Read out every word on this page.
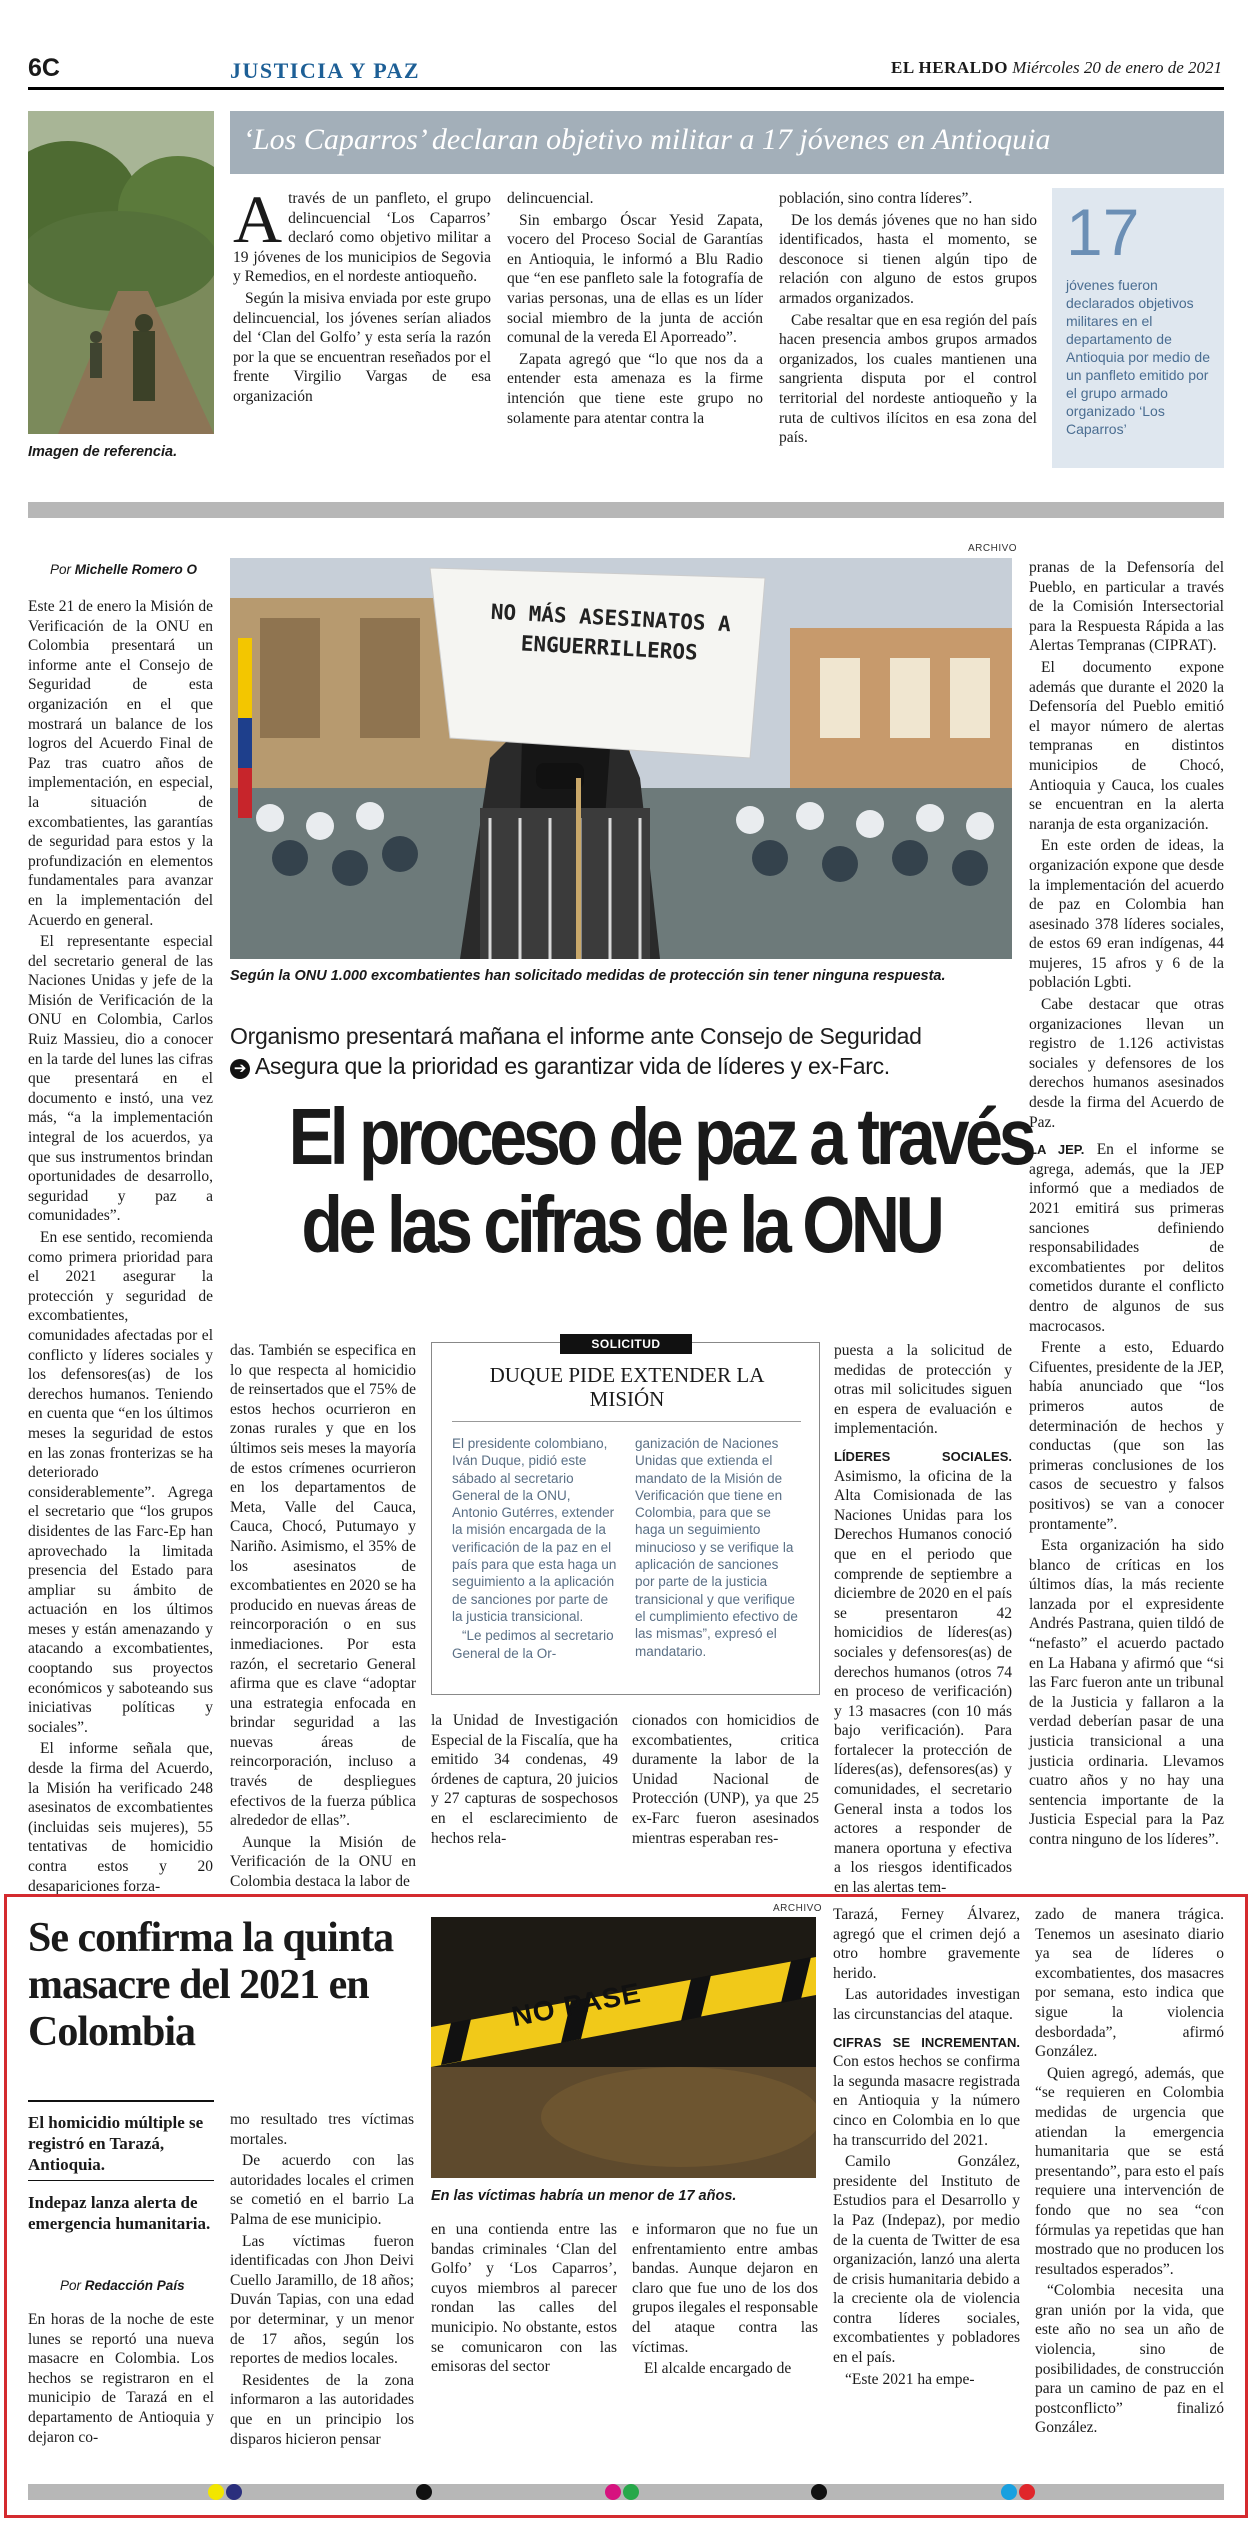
6C	JUSTICIA Y PAZ	EL HERALDO Miércoles 20 de enero de 2021
Imagen de referencia.
‘Los Caparros’ declaran objetivo militar a 17 jóvenes en Antioquia

Através de un panfleto, el grupo delincuencial ‘Los Caparros’ declaró como objetivo militar a 19 jóvenes de los municipios de Segovia y Remedios, en el nordeste antioqueño.

Según la misiva enviada por este grupo delincuencial, los jóvenes serían aliados del ‘Clan del Golfo’ y esta sería la razón por la que se encuentran reseñados por el frente Virgilio Vargas de esa organización

delincuencial.

Sin embargo Óscar Yesid Zapata, vocero del Proceso Social de Garantías en Antioquia, le informó a Blu Radio que “en ese panfleto sale la fotografía de varias personas, una de ellas es un líder social miembro de la junta de acción comunal de la vereda El Aporreado”.

Zapata agregó que “lo que nos da a entender esta amenaza es la firme intención que tiene este grupo no solamente para atentar contra la

población, sino contra líderes”.

De los demás jóvenes que no han sido identificados, hasta el momento, se desconoce si tienen algún tipo de relación con alguno de estos grupos armados organizados.

Cabe resaltar que en esa región del país hacen presencia ambos grupos armados organizados, los cuales mantienen una sangrienta disputa por el control territorial del nordeste antioqueño y la ruta de cultivos ilícitos en esa zona del país.

17
jóvenes fueron declarados objetivos militares en el departamento de Antioquia por medio de un panfleto emitido por el grupo armado organizado ‘Los Caparros’
Por Michelle Romero O

Este 21 de enero la Misión de Verificación de la ONU en Colombia presentará un informe ante el Consejo de Seguridad de esta organización en el que mostrará un balance de los logros del Acuerdo Final de Paz tras cuatro años de implementación, en especial, la situación de excombatientes, las garantías de seguridad para estos y la profundización en elementos fundamentales para avanzar en la implementación del Acuerdo en general.

El representante especial del secretario general de las Naciones Unidas y jefe de la Misión de Verificación de la ONU en Colombia, Carlos Ruiz Massieu, dio a conocer en la tarde del lunes las cifras que presentará en el documento e instó, una vez más, “a la implementación integral de los acuerdos, ya que sus instrumentos brindan oportunidades de desarrollo, seguridad y paz a comunidades”.

En ese sentido, recomienda como primera prioridad para el 2021 asegurar la protección y seguridad de excombatientes, comunidades afectadas por el conflicto y líderes sociales y los defensores(as) de los derechos humanos. Teniendo en cuenta que “en los últimos meses la seguridad de estos en las zonas fronterizas se ha deteriorado considerablemente”. Agrega el secretario que “los grupos disidentes de las Farc-Ep han aprovechado la limitada presencia del Estado para ampliar su ámbito de actuación en los últimos meses y están amenazando y atacando a excombatientes, cooptando sus proyectos económicos y saboteando sus iniciativas políticas y sociales”.

El informe señala que, desde la firma del Acuerdo, la Misión ha verificado 248 asesinatos de excombatientes (incluidas seis mujeres), 55 tentativas de homicidio contra estos y 20 desapariciones forza-

ARCHIVO
NO MÁS ASESINATOS A ENGUERRILLEROS
Según la ONU 1.000 excombatientes han solicitado medidas de protección sin tener ninguna respuesta.
Organismo presentará mañana el informe ante Consejo de Seguridad
➔ Asegura que la prioridad es garantizar vida de líderes y ex-Farc.
El proceso de paz a través
de las cifras de la ONU

das. También se especifica en lo que respecta al homicidio de reinsertados que el 75% de estos hechos ocurrieron en zonas rurales y que en los últimos seis meses la mayoría de estos crímenes ocurrieron en los departamentos de Meta, Valle del Cauca, Cauca, Chocó, Putumayo y Nariño. Asimismo, el 35% de los asesinatos de excombatientes en 2020 se ha producido en nuevas áreas de reincorporación o en sus inmediaciones. Por esta razón, el secretario General afirma que es clave “adoptar una estrategia enfocada en brindar seguridad a las nuevas áreas de reincorporación, incluso a través de despliegues efectivos de la fuerza pública alrededor de ellas”.

Aunque la Misión de Verificación de la ONU en Colombia destaca la labor de

SOLICITUD
DUQUE PIDE EXTENDER LA MISIÓN
El presidente colombiano, Iván Duque, pidió este sábado al secretario General de la ONU, Antonio Gutérres, extender la misión encargada de la verificación de la paz en el país para que esta haga un seguimiento a la aplicación de sanciones por parte de la justicia transicional.
“Le pedimos al secretario General de la Or-
ganización de Naciones Unidas que extienda el mandato de la Misión de Verificación que tiene en Colombia, para que se haga un seguimiento minucioso y se verifique la aplicación de sanciones por parte de la justicia transicional y que verifique el cumplimiento efectivo de las mismas”, expresó el mandatario.

la Unidad de Investigación Especial de la Fiscalía, que ha emitido 34 condenas, 49 órdenes de captura, 20 juicios y 27 capturas de sospechosos en el esclarecimiento de hechos rela-

cionados con homicidios de excombatientes, critica duramente la labor de la Unidad Nacional de Protección (UNP), ya que 25 ex-Farc fueron asesinados mientras esperaban res-

puesta a la solicitud de medidas de protección y otras mil solicitudes siguen en espera de evaluación e implementación.

LÍDERES SOCIALES. Asimismo, la oficina de la Alta Comisionada de las Naciones Unidas para los Derechos Humanos conoció que en el periodo que comprende de septiembre a diciembre de 2020 en el país se presentaron 42 homicidios de líderes(as) sociales y defensores(as) de derechos humanos (otros 74 en proceso de verificación) y 13 masacres (con 10 más bajo verificación). Para fortalecer la protección de líderes(as), defensores(as) y comunidades, el secretario General insta a todos los actores a responder de manera oportuna y efectiva a los riesgos identificados en las alertas tem-

pranas de la Defensoría del Pueblo, en particular a través de la Comisión Intersectorial para la Respuesta Rápida a las Alertas Tempranas (CIPRAT).

El documento expone además que durante el 2020 la Defensoría del Pueblo emitió el mayor número de alertas tempranas en distintos municipios de Chocó, Antioquia y Cauca, los cuales se encuentran en la alerta naranja de esta organización.

En este orden de ideas, la organización expone que desde la implementación del acuerdo de paz en Colombia han asesinado 378 líderes sociales, de estos 69 eran indígenas, 44 mujeres, 15 afros y 6 de la población Lgbti.

Cabe destacar que otras organizaciones llevan un registro de 1.126 activistas sociales y defensores de los derechos humanos asesinados desde la firma del Acuerdo de Paz.

LA JEP. En el informe se agrega, además, que la JEP informó que a mediados de 2021 emitirá sus primeras sanciones definiendo responsabilidades de excombatientes por delitos cometidos durante el conflicto dentro de algunos de sus macrocasos.

Frente a esto, Eduardo Cifuentes, presidente de la JEP, había anunciado que “los primeros autos de determinación de hechos y conductas (que son las primeras conclusiones de los casos de secuestro y falsos positivos) se van a conocer prontamente”.

Esta organización ha sido blanco de críticas en los últimos días, la más reciente lanzada por el expresidente Andrés Pastrana, quien tildó de “nefasto” el acuerdo pactado en La Habana y afirmó que “si las Farc fueron ante un tribunal de la Justicia y fallaron a la verdad deberían pasar de una justicia transicional a una justicia ordinaria. Llevamos cuatro años y no hay una sentencia importante de la Justicia Especial para la Paz contra ninguno de los líderes”.

Se confirma la quinta masacre del 2021 en Colombia
El homicidio múltiple se registró en Tarazá, Antioquia.
Indepaz lanza alerta de emergencia humanitaria.
Por Redacción País

En horas de la noche de este lunes se reportó una nueva masacre en Colombia. Los hechos se registraron en el municipio de Tarazá en el departamento de Antioquia y dejaron co-

mo resultado tres víctimas mortales.

De acuerdo con las autoridades locales el crimen se cometió en el barrio La Palma de ese municipio.

Las víctimas fueron identificadas con Jhon Deivi Cuello Jaramillo, de 18 años; Duván Tapias, con una edad por determinar, y un menor de 17 años, según los reportes de medios locales.

Residentes de la zona informaron a las autoridades que en un principio los disparos hicieron pensar

ARCHIVO
NO PASE
En las víctimas habría un menor de 17 años.

en una contienda entre las bandas criminales ‘Clan del Golfo’ y ‘Los Caparros’, cuyos miembros al parecer rondan las calles del municipio. No obstante, estos se comunicaron con las emisoras del sector

e informaron que no fue un enfrentamiento entre ambas bandas. Aunque dejaron en claro que fue uno de los dos grupos ilegales el responsable del ataque contra las víctimas.

El alcalde encargado de

Tarazá, Ferney Álvarez, agregó que el crimen dejó a otro hombre gravemente herido.

Las autoridades investigan las circunstancias del ataque.

CIFRAS SE INCREMENTAN. Con estos hechos se confirma la segunda masacre registrada en Antioquia y la número cinco en Colombia en lo que ha transcurrido del 2021.

Camilo González, presidente del Instituto de Estudios para el Desarrollo y la Paz (Indepaz), por medio de la cuenta de Twitter de esa organización, lanzó una alerta de crisis humanitaria debido a la creciente ola de violencia contra líderes sociales, excombatientes y pobladores en el país.

“Este 2021 ha empe-

zado de manera trágica. Tenemos un asesinato diario ya sea de líderes o excombatientes, dos masacres por semana, esto indica que sigue la violencia desbordada”, afirmó González.

Quien agregó, además, que “se requieren en Colombia medidas de urgencia que atiendan la emergencia humanitaria que se está presentando”, para esto el país requiere una intervención de fondo que no sea “con fórmulas ya repetidas que han mostrado que no producen los resultados esperados”.

“Colombia necesita una gran unión por la vida, que este año no sea un año de violencia, sino de posibilidades, de construcción para un camino de paz en el postconflicto” finalizó González.
